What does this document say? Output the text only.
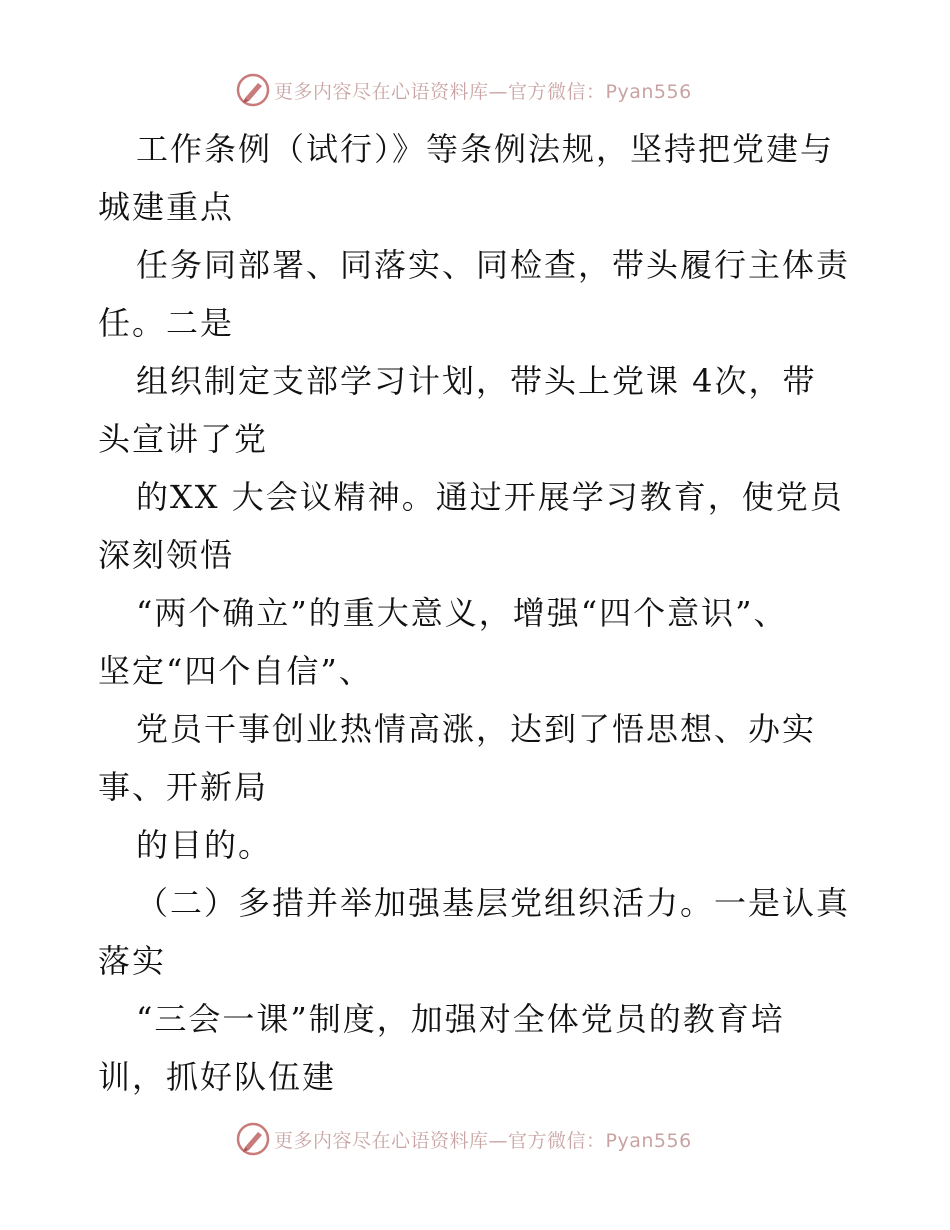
更多内容尽在心语资料库—官方微信：Pyan556
工作条例（试行）》等条例法规，坚持把党建与
城建重点
任务同部署、同落实、同检查，带头履行主体责
任。二是
组织制定支部学习计划，带头上党课 4次，带
头宣讲了党
的XX 大会议精神。通过开展学习教育，使党员
深刻领悟
“两个确立”的重大意义，增强“四个意识”、
坚定“四个自信”、
党员干事创业热情高涨，达到了悟思想、办实
事、开新局
的目的。
（二）多措并举加强基层党组织活力。一是认真
落实
“三会一课”制度，加强对全体党员的教育培
训，抓好队伍建
更多内容尽在心语资料库—官方微信：Pyan556
